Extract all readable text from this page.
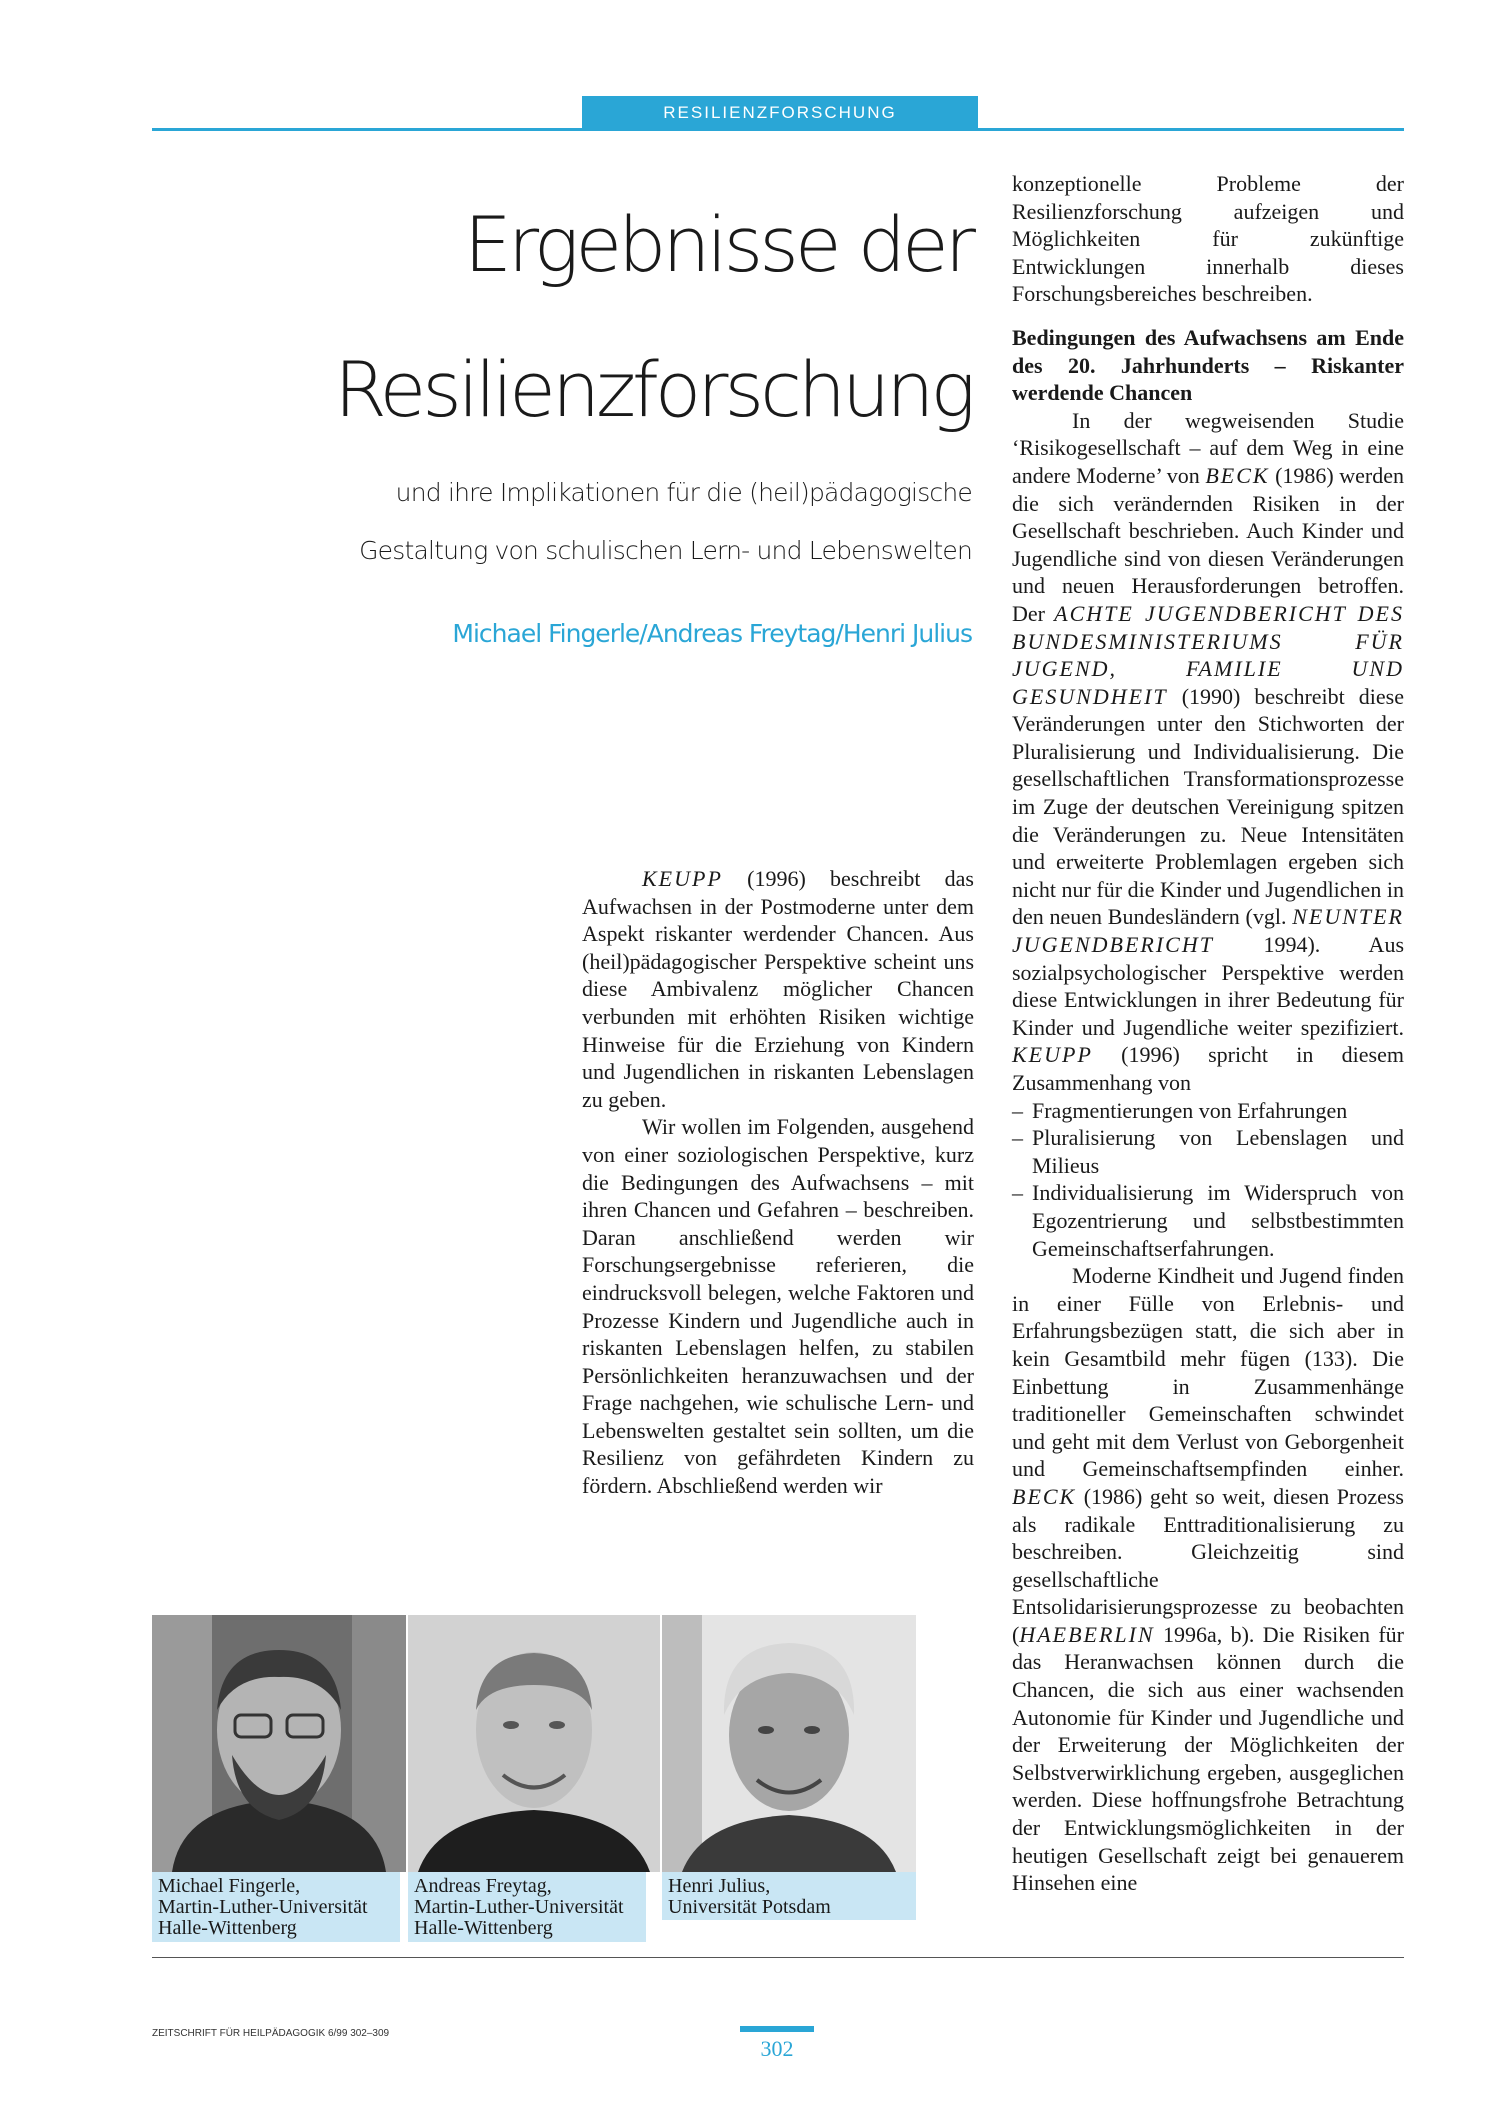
RESILIENZFORSCHUNG
Ergebnisse der
Resilienzforschung
und ihre Implikationen für die (heil)pädagogische
Gestaltung von schulischen Lern- und Lebenswelten
Michael Fingerle/Andreas Freytag/Henri Julius

KEUPP (1996) beschreibt das Aufwachsen in der Postmoderne unter dem Aspekt riskanter werdender Chancen. Aus (heil)pädagogischer Perspektive scheint uns diese Ambivalenz möglicher Chancen verbunden mit erhöhten Risiken wichtige Hinweise für die Erziehung von Kindern und Jugendlichen in riskanten Lebenslagen zu geben.

Wir wollen im Folgenden, ausgehend von einer soziologischen Perspektive, kurz die Bedingungen des Aufwachsens – mit ihren Chancen und Gefahren – beschreiben. Daran anschließend werden wir Forschungsergebnisse referieren, die eindrucksvoll belegen, welche Faktoren und Prozesse Kindern und Jugendliche auch in riskanten Lebenslagen helfen, zu stabilen Persönlichkeiten heranzuwachsen und der Frage nachgehen, wie schulische Lern- und Lebenswelten gestaltet sein sollten, um die Resilienz von gefährdeten Kindern zu fördern. Abschließend werden wir

konzeptionelle Probleme der Resilienzforschung aufzeigen und Möglichkeiten für zukünftige Entwicklungen innerhalb dieses Forschungsbereiches beschreiben.

Bedingungen des Aufwachsens am Ende des 20. Jahrhunderts – Riskanter werdende Chancen

In der wegweisenden Studie ‘Risikogesellschaft – auf dem Weg in eine andere Moderne’ von BECK (1986) werden die sich verändernden Risiken in der Gesellschaft beschrieben. Auch Kinder und Jugendliche sind von diesen Veränderungen und neuen Herausforderungen betroffen. Der ACHTE JUGENDBERICHT DES BUNDESMINISTERIUMS FÜR JUGEND, FAMILIE UND GESUNDHEIT (1990) beschreibt diese Veränderungen unter den Stichworten der Pluralisierung und Individualisierung. Die gesellschaftlichen Transformationsprozesse im Zuge der deutschen Vereinigung spitzen die Veränderungen zu. Neue Intensitäten und erweiterte Problemlagen ergeben sich nicht nur für die Kinder und Jugendlichen in den neuen Bundesländern (vgl. NEUNTER JUGENDBERICHT 1994). Aus sozialpsychologischer Perspektive werden diese Entwicklungen in ihrer Bedeutung für Kinder und Jugendliche weiter spezifiziert. KEUPP (1996) spricht in diesem Zusammenhang von

– Fragmentierungen von Erfahrungen
– Pluralisierung von Lebenslagen und Milieus
– Individualisierung im Widerspruch von Egozentrierung und selbstbestimmten Gemeinschaftserfahrungen.

Moderne Kindheit und Jugend finden in einer Fülle von Erlebnis- und Erfahrungsbezügen statt, die sich aber in kein Gesamtbild mehr fügen (133). Die Einbettung in Zusammenhänge traditioneller Gemeinschaften schwindet und geht mit dem Verlust von Geborgenheit und Gemeinschaftsempfinden einher. BECK (1986) geht so weit, diesen Prozess als radikale Enttraditionalisierung zu beschreiben. Gleichzeitig sind gesellschaftliche Entsolidarisierungsprozesse zu beobachten (HAEBERLIN 1996a, b). Die Risiken für das Heranwachsen können durch die Chancen, die sich aus einer wachsenden Autonomie für Kinder und Jugendliche und der Erweiterung der Möglichkeiten der Selbstverwirklichung ergeben, ausgeglichen werden. Diese hoffnungsfrohe Betrachtung der Entwicklungsmöglichkeiten in der heutigen Gesellschaft zeigt bei genauerem Hinsehen eine

Michael Fingerle,
Martin-Luther-Universität
Halle-Wittenberg
Andreas Freytag,
Martin-Luther-Universität
Halle-Wittenberg
Henri Julius,
Universität Potsdam
ZEITSCHRIFT FÜR HEILPÄDAGOGIK 6/99 302–309
302
